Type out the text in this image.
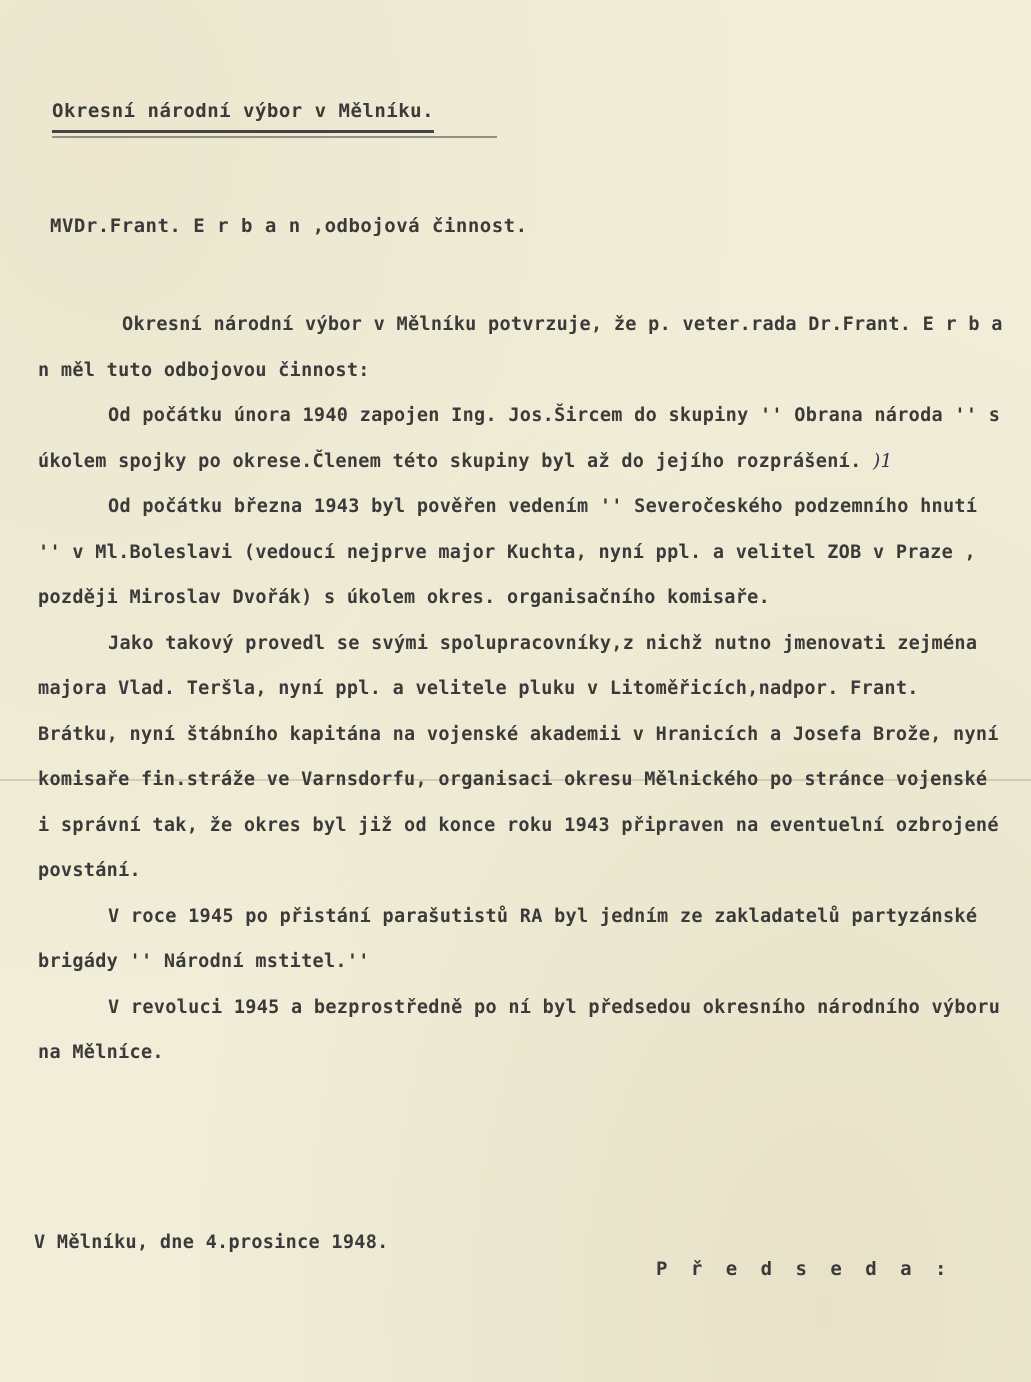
Okresní národní výbor v Mělníku.
MVDr.Frant. E r b a n ,odbojová činnost.

Okresní národní výbor v Mělníku potvrzuje, že p. veter.rada Dr.Frant. E r b a n měl tuto odbojovou činnost:

Od počátku února 1940 zapojen Ing. Jos.Šircem do skupiny '' Obrana národa '' s úkolem spojky po okrese.Členem této skupiny byl až do jejího rozprášení. )1

Od počátku března 1943 byl pověřen vedením '' Severočeského podzemního hnutí '' v Ml.Boleslavi (vedoucí nejprve major Kuchta, nyní ppl. a velitel ZOB v Praze , později Miroslav Dvořák) s úkolem okres. organisačního komisaře.

Jako takový provedl se svými spolupracovníky,z nichž nutno jmenovati zejména majora Vlad. Teršla, nyní ppl. a velitele pluku v Litoměřicích,nadpor. Frant. Brátku, nyní štábního kapitána na vojenské akademii v Hranicích a Josefa Brože, nyní komisaře fin.stráže ve Varnsdorfu, organisaci okresu Mělnického po stránce vojenské i správní tak, že okres byl již od konce roku 1943 připraven na eventuelní ozbrojené povstání.

V roce 1945 po přistání parašutistů RA byl jedním ze zakladatelů partyzánské brigády '' Národní mstitel.''

V revoluci 1945 a bezprostředně po ní byl předsedou okresního národního výboru na Mělníce.

V Mělníku, dne 4.prosince 1948.
P ř e d s e d a :
